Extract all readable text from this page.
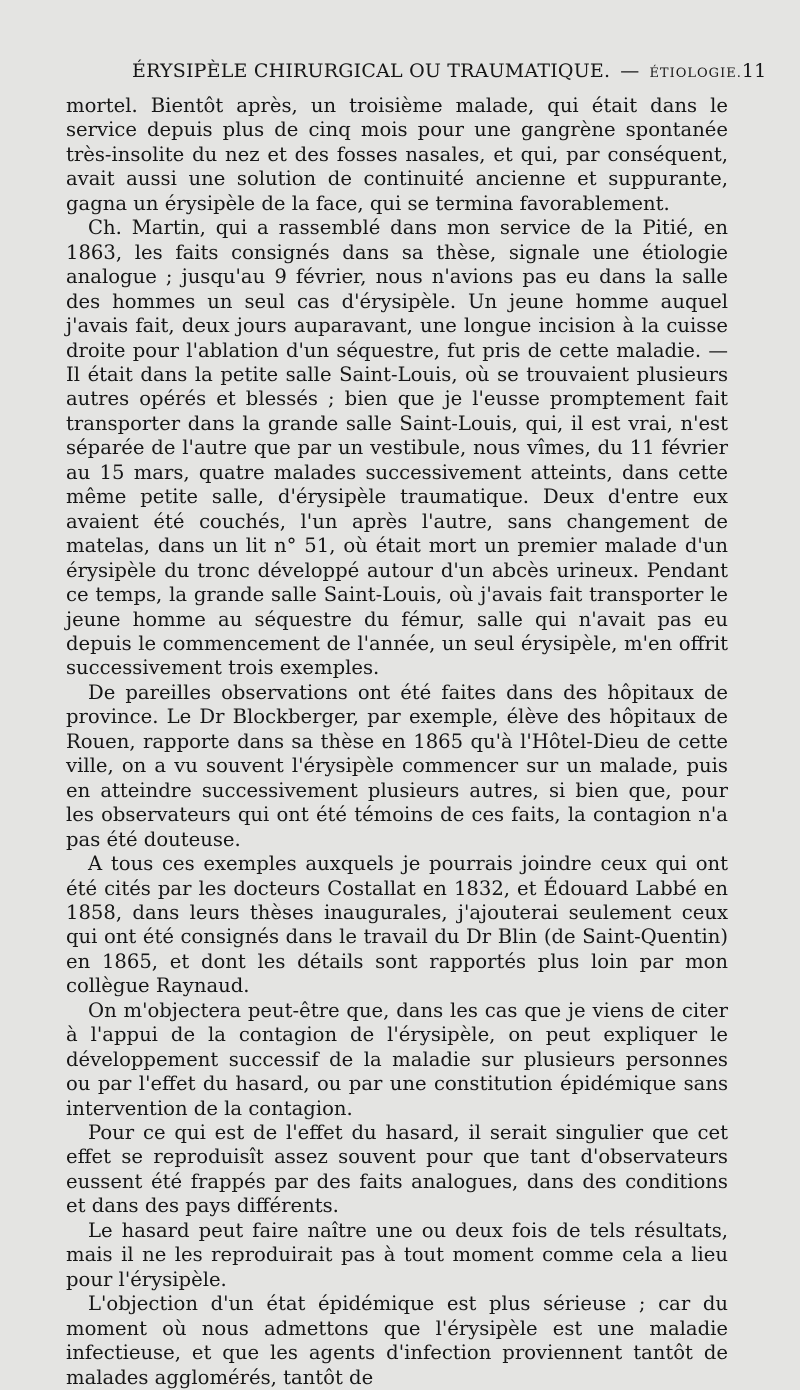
ÉRYSIPÈLE CHIRURGICAL OU TRAUMATIQUE. — ÉTIOLOGIE. 11

mortel. Bientôt après, un troisième malade, qui était dans le service depuis plus de cinq mois pour une gangrène spontanée très-insolite du nez et des fosses nasales, et qui, par conséquent, avait aussi une solution de continuité ancienne et suppurante, gagna un érysipèle de la face, qui se termina favorablement.

Ch. Martin, qui a rassemblé dans mon service de la Pitié, en 1863, les faits consignés dans sa thèse, signale une étiologie analogue ; jusqu'au 9 février, nous n'avions pas eu dans la salle des hommes un seul cas d'érysipèle. Un jeune homme auquel j'avais fait, deux jours auparavant, une longue incision à la cuisse droite pour l'ablation d'un séquestre, fut pris de cette maladie. — Il était dans la petite salle Saint-Louis, où se trouvaient plusieurs autres opérés et blessés ; bien que je l'eusse promptement fait transporter dans la grande salle Saint-Louis, qui, il est vrai, n'est séparée de l'autre que par un vestibule, nous vîmes, du 11 février au 15 mars, quatre malades successivement atteints, dans cette même petite salle, d'érysipèle traumatique. Deux d'entre eux avaient été couchés, l'un après l'autre, sans changement de matelas, dans un lit n° 51, où était mort un premier malade d'un érysipèle du tronc développé autour d'un abcès urineux. Pendant ce temps, la grande salle Saint-Louis, où j'avais fait transporter le jeune homme au séquestre du fémur, salle qui n'avait pas eu depuis le commencement de l'année, un seul érysipèle, m'en offrit successivement trois exemples.

De pareilles observations ont été faites dans des hôpitaux de province. Le Dr Blockberger, par exemple, élève des hôpitaux de Rouen, rapporte dans sa thèse en 1865 qu'à l'Hôtel-Dieu de cette ville, on a vu souvent l'érysipèle commencer sur un malade, puis en atteindre successivement plusieurs autres, si bien que, pour les observateurs qui ont été témoins de ces faits, la contagion n'a pas été douteuse.

A tous ces exemples auxquels je pourrais joindre ceux qui ont été cités par les docteurs Costallat en 1832, et Édouard Labbé en 1858, dans leurs thèses inaugurales, j'ajouterai seulement ceux qui ont été consignés dans le travail du Dr Blin (de Saint-Quentin) en 1865, et dont les détails sont rapportés plus loin par mon collègue Raynaud.

On m'objectera peut-être que, dans les cas que je viens de citer à l'appui de la contagion de l'érysipèle, on peut expliquer le développement successif de la maladie sur plusieurs personnes ou par l'effet du hasard, ou par une constitution épidémique sans intervention de la contagion.

Pour ce qui est de l'effet du hasard, il serait singulier que cet effet se reproduisît assez souvent pour que tant d'observateurs eussent été frappés par des faits analogues, dans des conditions et dans des pays différents.

Le hasard peut faire naître une ou deux fois de tels résultats, mais il ne les reproduirait pas à tout moment comme cela a lieu pour l'érysipèle.

L'objection d'un état épidémique est plus sérieuse ; car du moment où nous admettons que l'érysipèle est une maladie infectieuse, et que les agents d'infection proviennent tantôt de malades agglomérés, tantôt de
